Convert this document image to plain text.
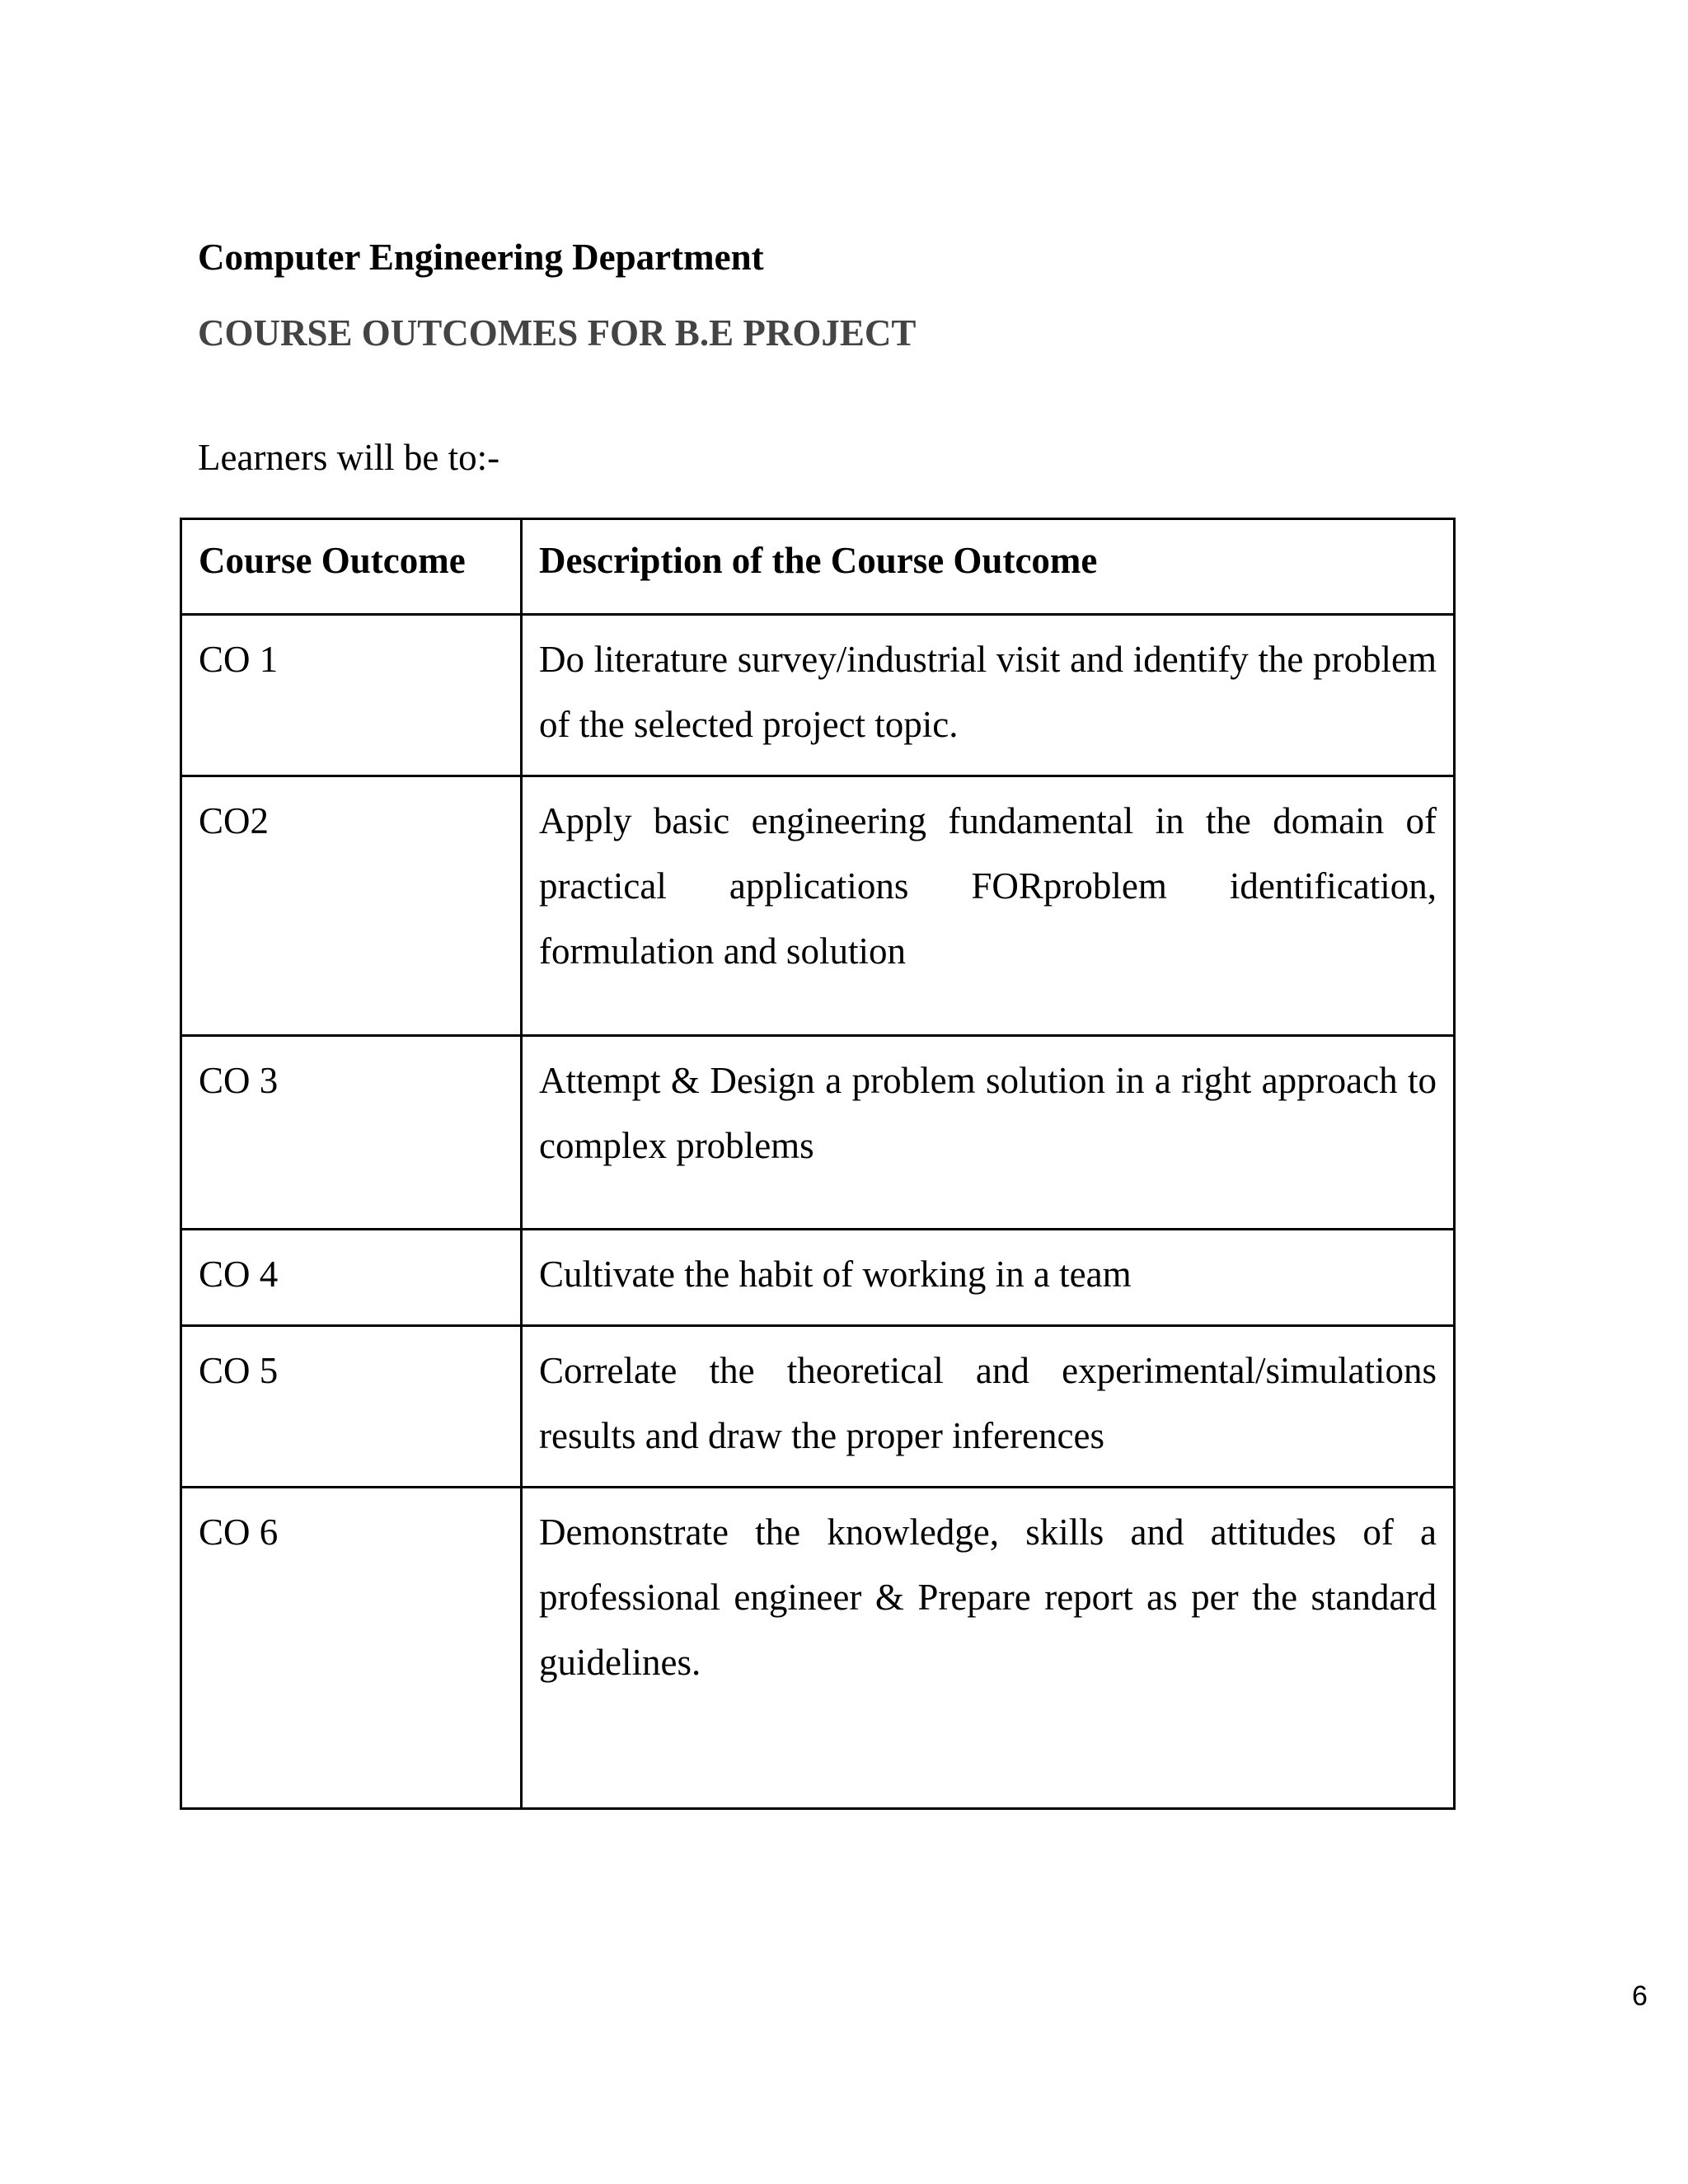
Computer Engineering Department
COURSE OUTCOMES FOR B.E PROJECT
Learners will be to:-
Course Outcome	Description of the Course Outcome
CO 1	Do literature survey/industrial visit and identify the problem of the selected project topic.
CO2	Apply basic engineering fundamental in the domain of practical applications FORproblem identification, formulation and solution
CO 3	Attempt & Design a problem solution in a right approach to complex problems
CO 4	Cultivate the habit of working in a team
CO 5	Correlate the theoretical and experimental/simulations results and draw the proper inferences
CO 6	Demonstrate the knowledge, skills and attitudes of a professional engineer & Prepare report as per the standard guidelines.
6
